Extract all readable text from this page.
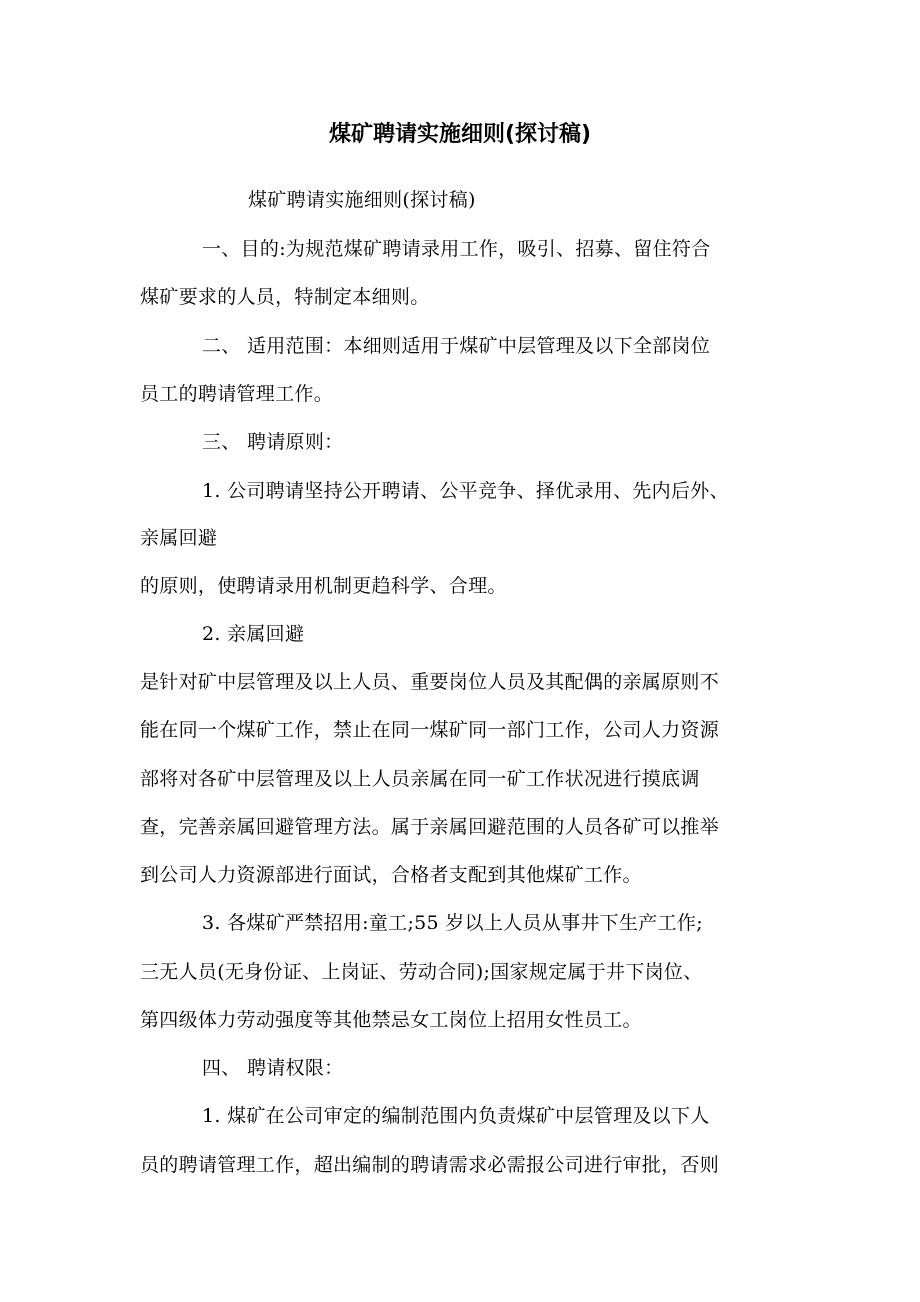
煤矿聘请实施细则(探讨稿)

煤矿聘请实施细则(探讨稿)

一、目的:为规范煤矿聘请录用工作，吸引、招募、留住符合

煤矿要求的人员，特制定本细则。

二、 适用范围：本细则适用于煤矿中层管理及以下全部岗位

员工的聘请管理工作。

三、 聘请原则：

1. 公司聘请坚持公开聘请、公平竞争、择优录用、先内后外、

亲属回避

的原则，使聘请录用机制更趋科学、合理。

2. 亲属回避

是针对矿中层管理及以上人员、重要岗位人员及其配偶的亲属原则不

能在同一个煤矿工作，禁止在同一煤矿同一部门工作，公司人力资源

部将对各矿中层管理及以上人员亲属在同一矿工作状况进行摸底调

查，完善亲属回避管理方法。属于亲属回避范围的人员各矿可以推举

到公司人力资源部进行面试，合格者支配到其他煤矿工作。

3. 各煤矿严禁招用:童工;55 岁以上人员从事井下生产工作;

三无人员(无身份证、上岗证、劳动合同);国家规定属于井下岗位、

第四级体力劳动强度等其他禁忌女工岗位上招用女性员工。

四、 聘请权限：

1. 煤矿在公司审定的编制范围内负责煤矿中层管理及以下人

员的聘请管理工作，超出编制的聘请需求必需报公司进行审批，否则
